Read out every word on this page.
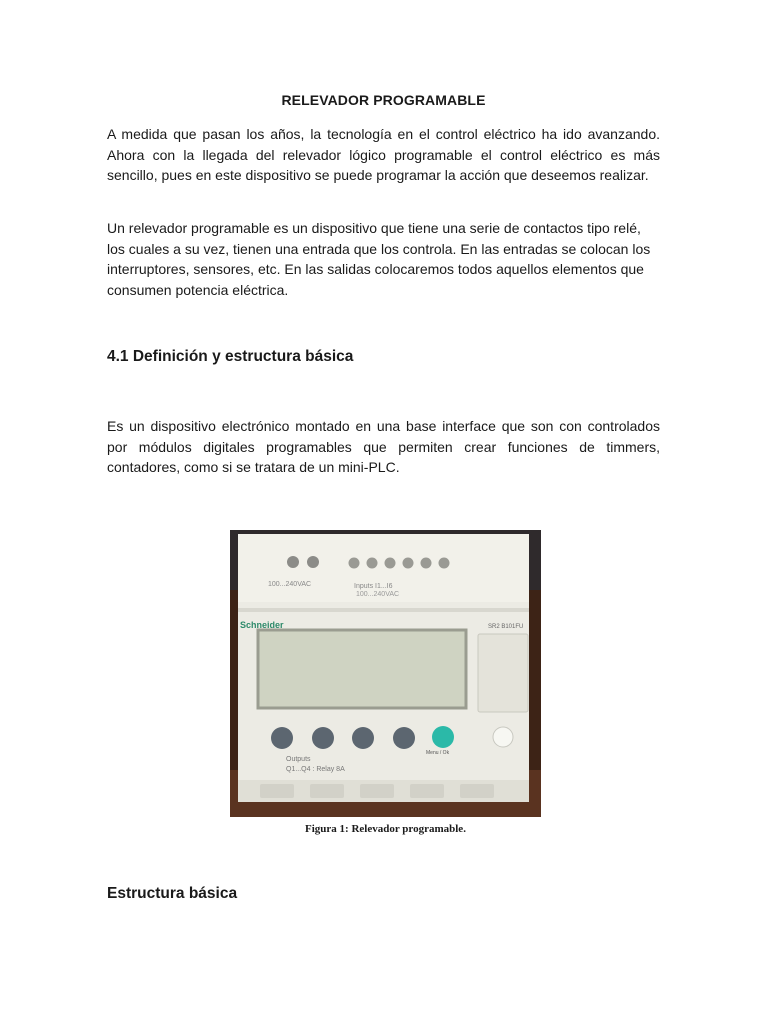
RELEVADOR PROGRAMABLE

A medida que pasan los años, la tecnología en el control eléctrico ha ido avanzando. Ahora con la llegada del relevador lógico programable el control eléctrico es más sencillo, pues en este dispositivo se puede programar la acción que deseemos realizar.

Un relevador programable es un dispositivo que tiene una serie de contactos tipo relé, los cuales a su vez, tienen una entrada que los controla. En las entradas se colocan los interruptores, sensores, etc. En las salidas colocaremos todos aquellos elementos que consumen potencia eléctrica.

4.1 Definición y estructura básica

Es un dispositivo electrónico montado en una base interface que son con controlados por módulos digitales programables que permiten crear funciones de timmers, contadores, como si se tratara de un mini-PLC.

100...240VAC	Inputs I1...I6
100...240VAC
Schneider	SR2 B101FU
Menu / Ok
Outputs
Q1...Q4 : Relay 8A
Figura 1: Relevador programable.
Estructura básica
